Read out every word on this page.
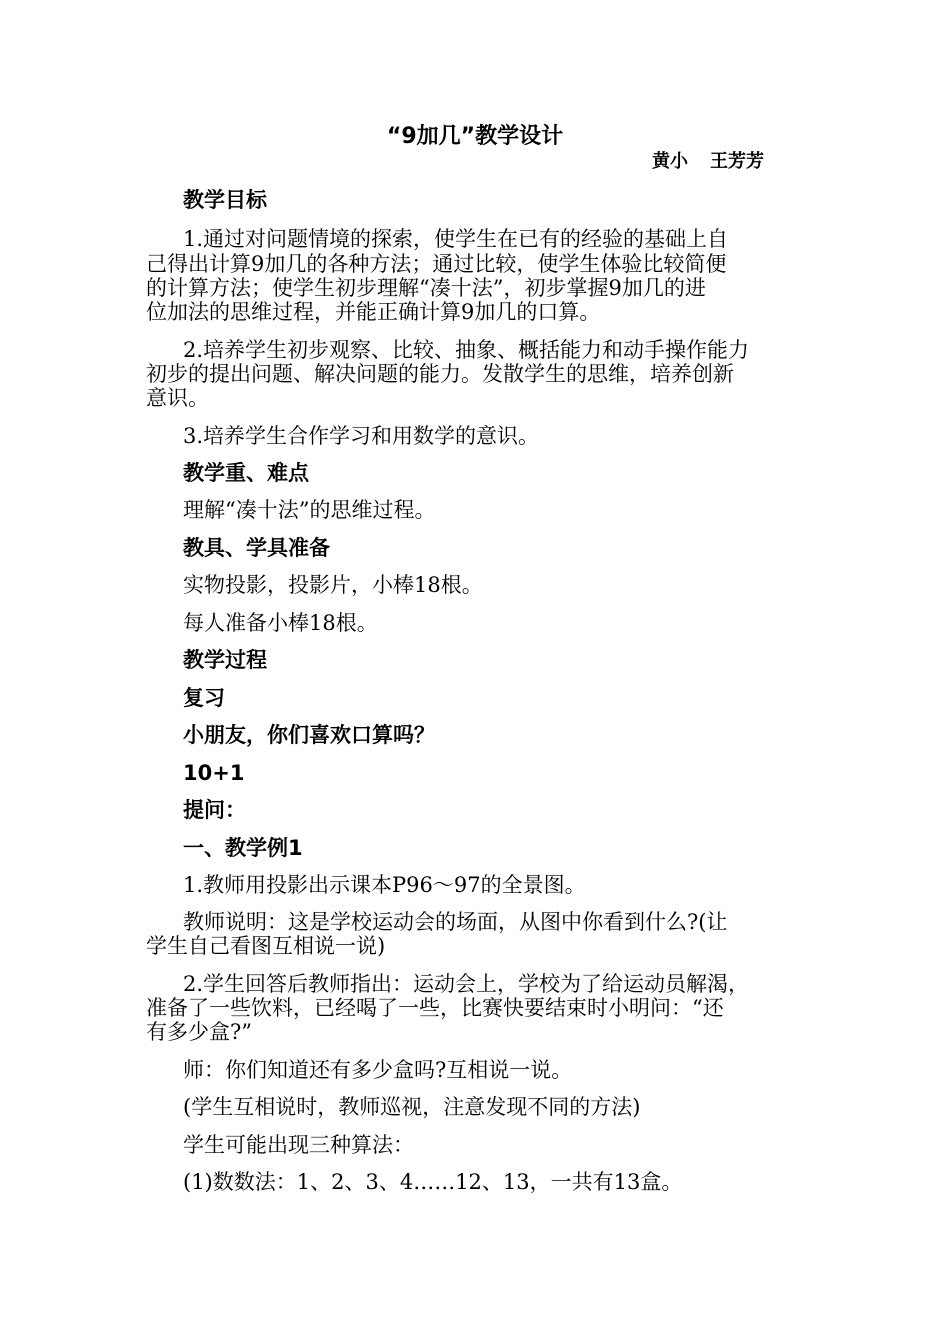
“9加几”教学设计
黄小 王芳芳
教学目标
1.通过对问题情境的探索，使学生在已有的经验的基础上自
己得出计算9加几的各种方法；通过比较，使学生体验比较简便
的计算方法；使学生初步理解“凑十法”，初步掌握9加几的进
位加法的思维过程，并能正确计算9加几的口算。
2.培养学生初步观察、比较、抽象、概括能力和动手操作能力
初步的提出问题、解决问题的能力。发散学生的思维，培养创新
意识。
3.培养学生合作学习和用数学的意识。
教学重、难点
理解“凑十法”的思维过程。
教具、学具准备
实物投影，投影片，小棒18根。
每人准备小棒18根。
教学过程
复习
小朋友，你们喜欢口算吗？
10+1
提问：
一、教学例1
1.教师用投影出示课本P96～97的全景图。
教师说明：这是学校运动会的场面，从图中你看到什么?(让
学生自己看图互相说一说)
2.学生回答后教师指出：运动会上，学校为了给运动员解渴，
准备了一些饮料，已经喝了一些，比赛快要结束时小明问：“还
有多少盒?”
师：你们知道还有多少盒吗?互相说一说。
(学生互相说时，教师巡视，注意发现不同的方法)
学生可能出现三种算法：
(1)数数法：1、2、3、4……12、13，一共有13盒。
